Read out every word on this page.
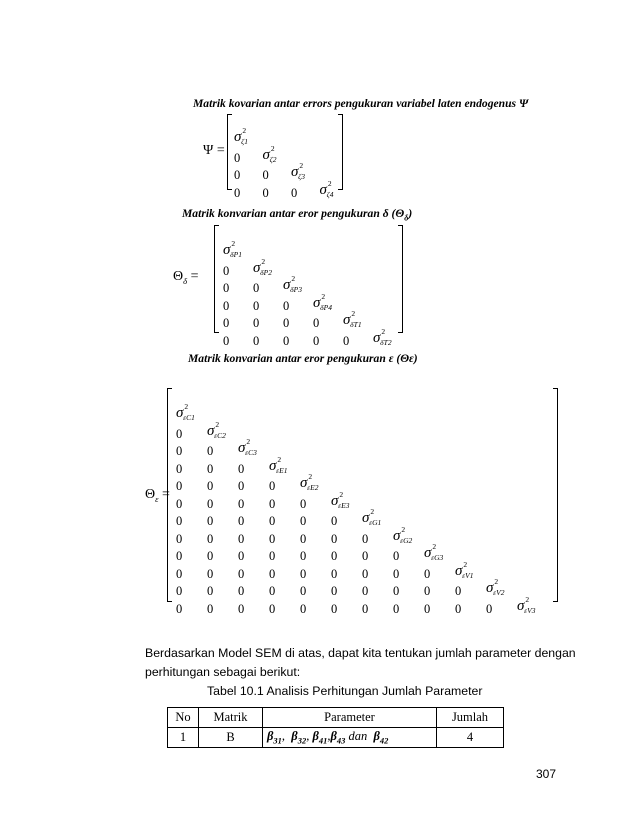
Matrik kovarian antar errors pengukuran variabel laten endogenus Ψ
Matrik konvarian antar eror pengukuran δ $(\Theta_\delta)$
Matrik konvarian antar eror pengukuran ε (Θε)
Ψ =
$\sigma^2_{\zeta 1}$
0 $\sigma^2_{\zeta 2}$
0 0 $\sigma^2_{\zeta 3}$
0 0 0 $\sigma^2_{\zeta 4}$
$\Theta_\delta$ =
$\sigma^2_{\delta P1}$
0 $\sigma^2_{\delta P2}$
0 0 $\sigma^2_{\delta P3}$
0 0 0 $\sigma^2_{\delta P4}$
0 0 0 0 $\sigma^2_{\delta T1}$
0 0 0 0 0 $\sigma^2_{\delta T2}$
$\Theta_\varepsilon$ =
$\sigma^2_{\varepsilon C1}$
0 $\sigma^2_{\varepsilon C2}$
0 0 $\sigma^2_{\varepsilon C3}$
0 0 0 $\sigma^2_{\varepsilon E1}$
0 0 0 0 $\sigma^2_{\varepsilon E2}$
0 0 0 0 0 $\sigma^2_{\varepsilon E3}$
0 0 0 0 0 0 $\sigma^2_{\varepsilon G1}$
0 0 0 0 0 0 0 $\sigma^2_{\varepsilon G2}$
0 0 0 0 0 0 0 0 $\sigma^2_{\varepsilon G3}$
0 0 0 0 0 0 0 0 0 $\sigma^2_{\varepsilon V1}$
0 0 0 0 0 0 0 0 0 0 $\sigma^2_{\varepsilon V2}$
0 0 0 0 0 0 0 0 0 0 0 $\sigma^2_{\varepsilon V3}$
Berdasarkan Model SEM di atas, dapat kita tentukan jumlah parameter dengan
perhitungan sebagai berikut:
Tabel 10.1 Analisis Perhitungan Jumlah Parameter
No	Matrik	Parameter	Jumlah
1	B	$\beta_{31}$,  $\beta_{32}$, $\beta_{41},\beta_{43}$ dan  $\beta_{42}$	4
307
